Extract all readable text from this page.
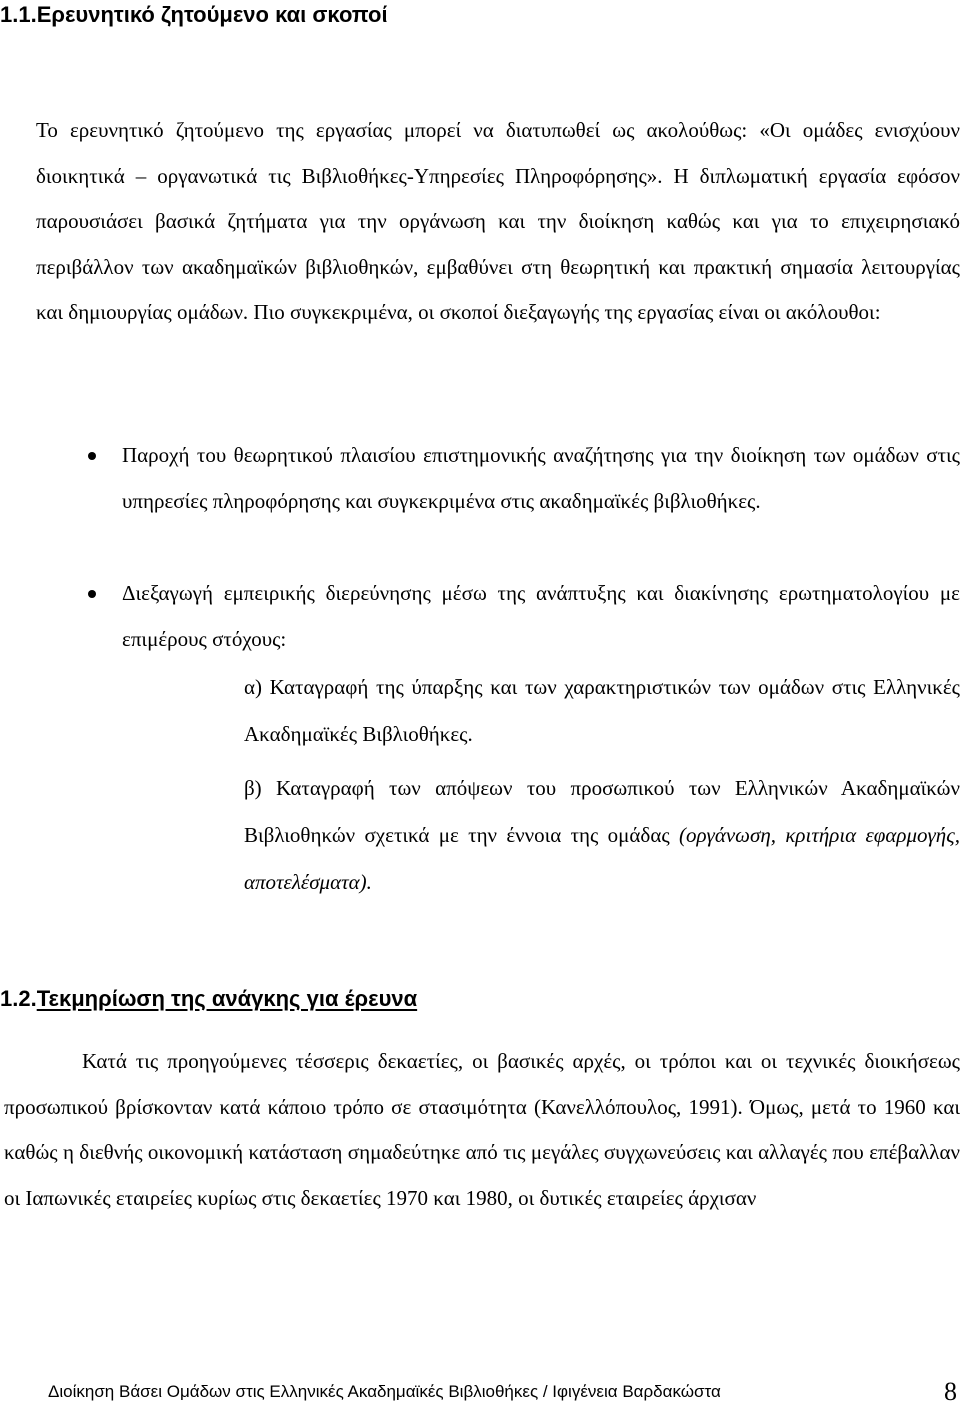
1.1.Ερευνητικό ζητούμενο και σκοποί
Το ερευνητικό ζητούμενο της εργασίας μπορεί να διατυπωθεί ως ακολούθως: «Οι ομάδες ενισχύουν διοικητικά – οργανωτικά τις Βιβλιοθήκες-Υπηρεσίες Πληροφόρησης». Η διπλωματική εργασία εφόσον παρουσιάσει βασικά ζητήματα για την οργάνωση και την διοίκηση καθώς και για το επιχειρησιακό περιβάλλον των ακαδημαϊκών βιβλιοθηκών, εμβαθύνει στη θεωρητική και πρακτική σημασία λειτουργίας και δημιουργίας ομάδων. Πιο συγκεκριμένα, οι σκοποί διεξαγωγής της εργασίας είναι οι ακόλουθοι:
Παροχή του θεωρητικού πλαισίου επιστημονικής αναζήτησης για την διοίκηση των ομάδων στις υπηρεσίες πληροφόρησης και συγκεκριμένα στις ακαδημαϊκές βιβλιοθήκες.
Διεξαγωγή εμπειρικής διερεύνησης μέσω της ανάπτυξης και διακίνησης ερωτηματολογίου με επιμέρους στόχους:
α) Καταγραφή της ύπαρξης και των χαρακτηριστικών των ομάδων στις Ελληνικές Ακαδημαϊκές Βιβλιοθήκες.
β) Καταγραφή των απόψεων του προσωπικού των Ελληνικών Ακαδημαϊκών Βιβλιοθηκών σχετικά με την έννοια της ομάδας (οργάνωση, κριτήρια εφαρμογής, αποτελέσματα).
1.2.Τεκμηρίωση της ανάγκης για έρευνα
Κατά τις προηγούμενες τέσσερις δεκαετίες, οι βασικές αρχές, οι τρόποι και οι τεχνικές διοικήσεως προσωπικού βρίσκονταν κατά κάποιο τρόπο σε στασιμότητα (Κανελλόπουλος, 1991). Όμως, μετά το 1960 και καθώς η διεθνής οικονομική κατάσταση σημαδεύτηκε από τις μεγάλες συγχωνεύσεις και αλλαγές που επέβαλλαν οι Ιαπωνικές εταιρείες κυρίως στις δεκαετίες 1970 και 1980, οι δυτικές εταιρείες άρχισαν
Διοίκηση Βάσει Ομάδων στις Ελληνικές Ακαδημαϊκές Βιβλιοθήκες / Ιφιγένεια Βαρδακώστα	8
